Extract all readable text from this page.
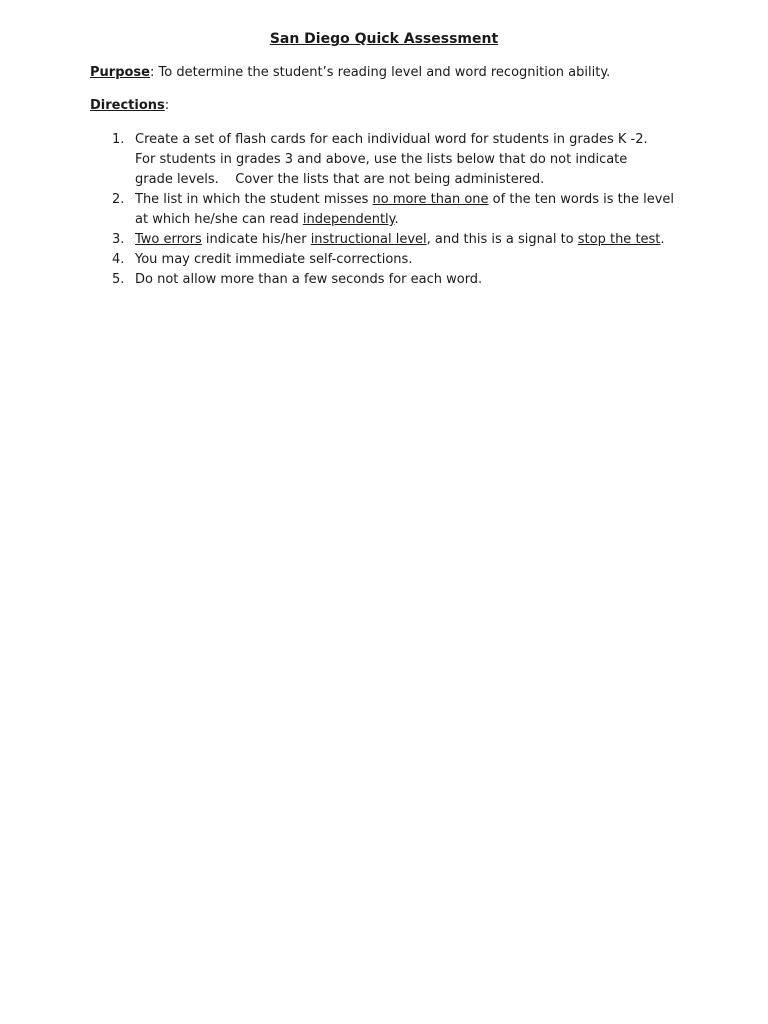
San Diego Quick Assessment

Purpose: To determine the student’s reading level and word recognition ability.

Directions:

1. Create a set of flash cards for each individual word for students in grades K -2.
For students in grades 3 and above, use the lists below that do not indicate
grade levels.    Cover the lists that are not being administered.
2. The list in which the student misses no more than one of the ten words is the level
at which he/she can read independently.
3. Two errors indicate his/her instructional level, and this is a signal to stop the test.
4. You may credit immediate self-corrections.
5. Do not allow more than a few seconds for each word.
